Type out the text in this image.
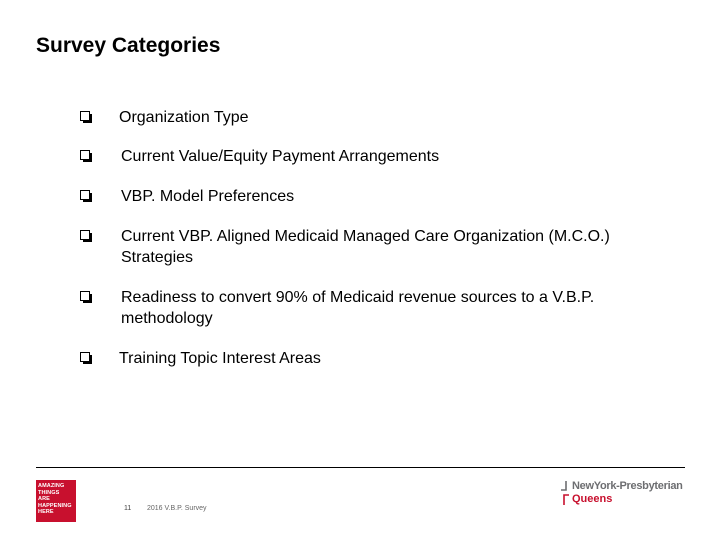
Survey Categories
Organization Type
Current Value/Equity Payment Arrangements
VBP. Model Preferences
Current VBP. Aligned Medicaid Managed Care Organization (M.C.O.) Strategies
Readiness to convert 90% of Medicaid revenue sources to a V.B.P. methodology
Training Topic Interest Areas
AMAZING
THINGS
ARE
HAPPENING
HERE	11 2016 V.B.P. Survey
NewYork-Presbyterian
Queens
